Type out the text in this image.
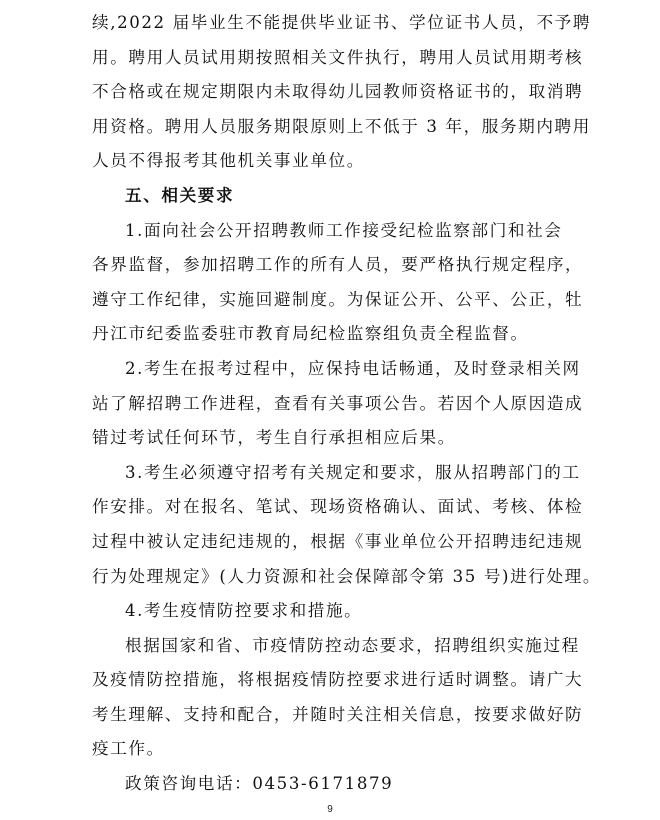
续,2022 届毕业生不能提供毕业证书、学位证书人员，不予聘
用。聘用人员试用期按照相关文件执行，聘用人员试用期考核
不合格或在规定期限内未取得幼儿园教师资格证书的，取消聘
用资格。聘用人员服务期限原则上不低于 3 年，服务期内聘用
人员不得报考其他机关事业单位。
五、相关要求
1.面向社会公开招聘教师工作接受纪检监察部门和社会
各界监督，参加招聘工作的所有人员，要严格执行规定程序，
遵守工作纪律，实施回避制度。为保证公开、公平、公正，牡
丹江市纪委监委驻市教育局纪检监察组负责全程监督。
2.考生在报考过程中，应保持电话畅通，及时登录相关网
站了解招聘工作进程，查看有关事项公告。若因个人原因造成
错过考试任何环节，考生自行承担相应后果。
3.考生必须遵守招考有关规定和要求，服从招聘部门的工
作安排。对在报名、笔试、现场资格确认、面试、考核、体检
过程中被认定违纪违规的，根据《事业单位公开招聘违纪违规
行为处理规定》(人力资源和社会保障部令第 35 号)进行处理。
4.考生疫情防控要求和措施。
根据国家和省、市疫情防控动态要求，招聘组织实施过程
及疫情防控措施，将根据疫情防控要求进行适时调整。请广大
考生理解、支持和配合，并随时关注相关信息，按要求做好防
疫工作。
政策咨询电话：0453-6171879
9
